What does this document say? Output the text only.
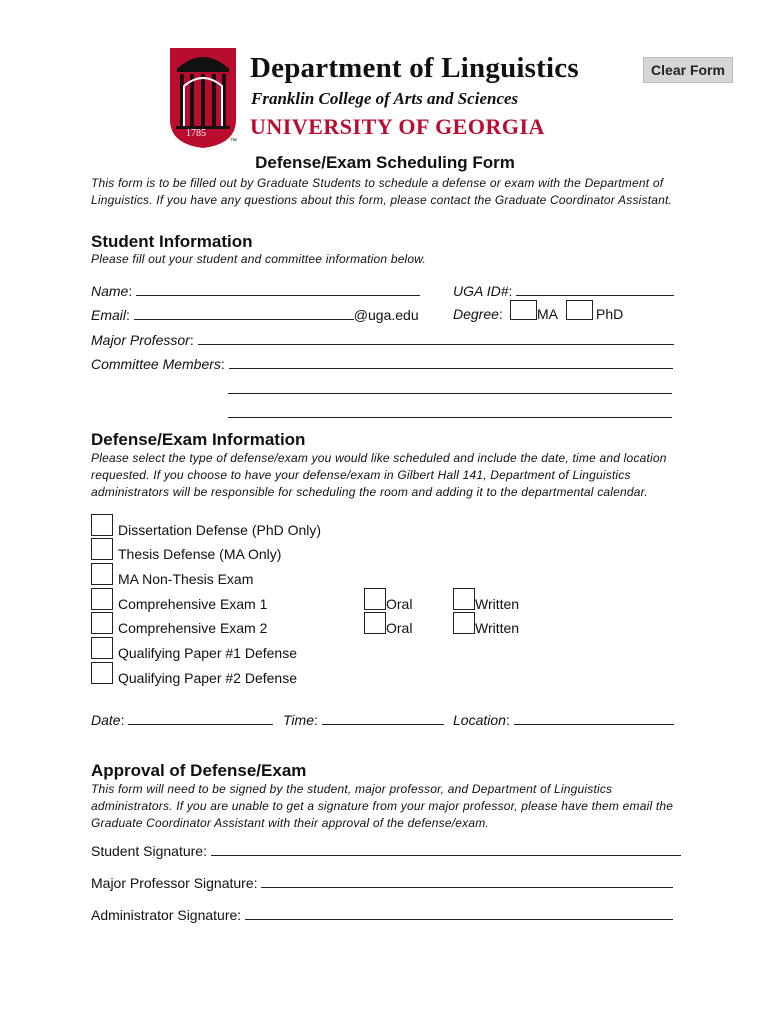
1785
™
Department of Linguistics
Franklin College of Arts and Sciences
UNIVERSITY OF GEORGIA
Clear Form
Defense/Exam Scheduling Form
This form is to be filled out by Graduate Students to schedule a defense or exam with the Department of Linguistics. If you have any questions about this form, please contact the Graduate Coordinator Assistant.
Student Information
Please fill out your student and committee information below.
Name:	UGA ID#:
Email:	@uga.edu Degree: MA	PhD
Major Professor:
Committee Members:
Defense/Exam Information
Please select the type of defense/exam you would like scheduled and include the date, time and location requested. If you choose to have your defense/exam in Gilbert Hall 141, Department of Linguistics administrators will be responsible for scheduling the room and adding it to the departmental calendar.
Dissertation Defense (PhD Only)
Thesis Defense (MA Only)
MA Non-Thesis Exam
Comprehensive Exam 1	Oral	Written
Comprehensive Exam 2	Oral	Written
Qualifying Paper #1 Defense
Qualifying Paper #2 Defense
Date:	Time:	Location:
Approval of Defense/Exam
This form will need to be signed by the student, major professor, and Department of Linguistics administrators. If you are unable to get a signature from your major professor, please have them email the Graduate Coordinator Assistant with their approval of the defense/exam.
Student Signature:
Major Professor Signature:
Administrator Signature:
